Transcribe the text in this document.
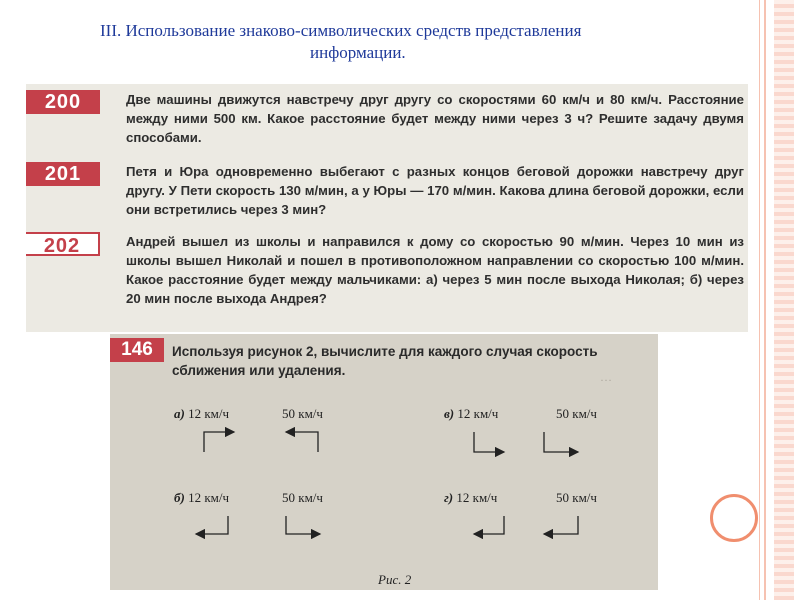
III. Использование знаково-символических средств представления
информации.
200	Две машины движутся навстречу друг другу со скоростями 60 км/ч и 80 км/ч. Расстояние между ними 500 км. Какое расстояние будет между ними через 3 ч? Решите задачу двумя способами.
201	Петя и Юра одновременно выбегают с разных концов беговой дорожки навстречу друг другу. У Пети скорость 130 м/мин, а у Юры — 170 м/мин. Какова длина беговой дорожки, если они встретились через 3 мин?
202	Андрей вышел из школы и направился к дому со скоростью 90 м/мин. Через 10 мин из школы вышел Николай и пошел в противоположном направлении со скоростью 100 м/мин. Какое расстояние будет между мальчиками: а) через 5 мин после выхода Николая; б) через 20 мин после выхода Андрея?
146	Используя рисунок 2, вычислите для каждого случая скорость сближения или удаления.	…
а) 12 км/ч	50 км/ч	в) 12 км/ч	50 км/ч
б) 12 км/ч	50 км/ч	г) 12 км/ч	50 км/ч
Рис. 2
